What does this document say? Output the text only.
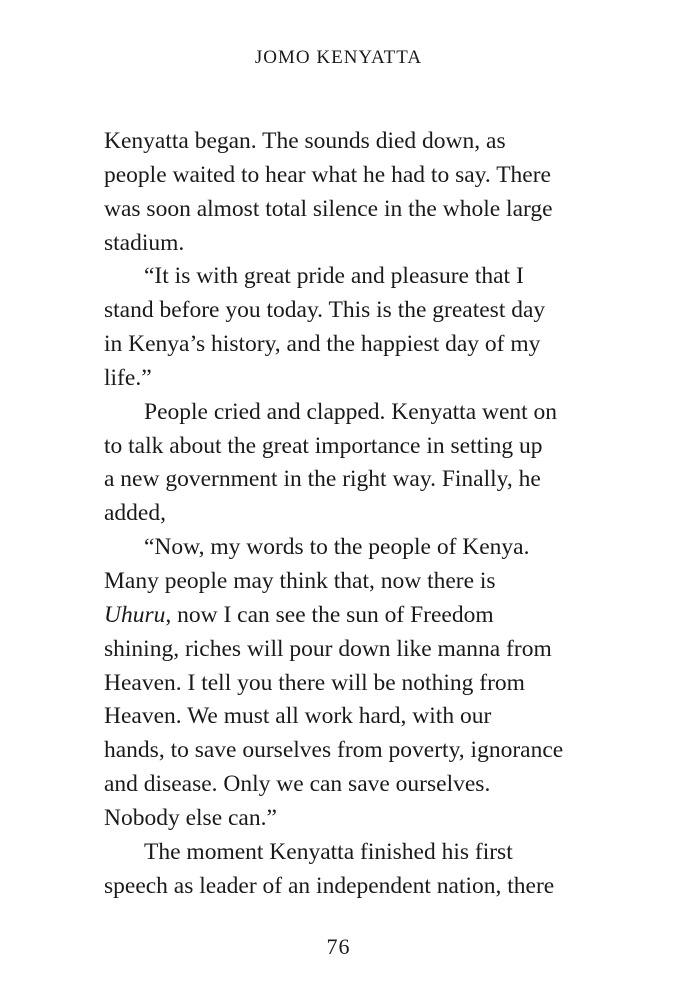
JOMO KENYATTA
Kenyatta began. The sounds died down, as
people waited to hear what he had to say. There
was soon almost total silence in the whole large
stadium.
“It is with great pride and pleasure that I
stand before you today. This is the greatest day
in Kenya’s history, and the happiest day of my
life.”
People cried and clapped. Kenyatta went on
to talk about the great importance in setting up
a new government in the right way. Finally, he
added,
“Now, my words to the people of Kenya.
Many people may think that, now there is
Uhuru, now I can see the sun of Freedom
shining, riches will pour down like manna from
Heaven. I tell you there will be nothing from
Heaven. We must all work hard, with our
hands, to save ourselves from poverty, ignorance
and disease. Only we can save ourselves.
Nobody else can.”
The moment Kenyatta finished his first
speech as leader of an independent nation, there
76
